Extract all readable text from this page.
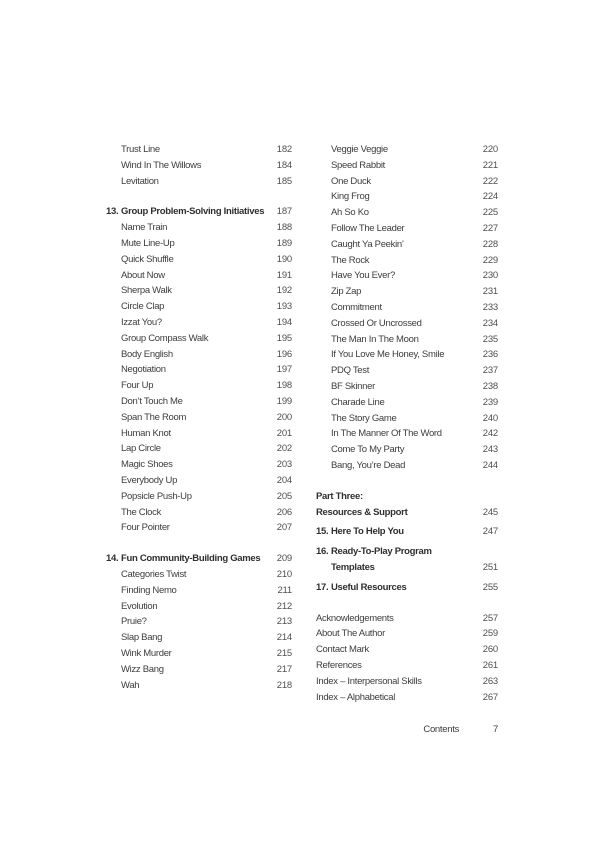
Trust Line	182
Wind In The Willows	184
Levitation	185
13. Group Problem-Solving Initiatives	187
Name Train	188
Mute Line-Up	189
Quick Shuffle	190
About Now	191
Sherpa Walk	192
Circle Clap	193
Izzat You?	194
Group Compass Walk	195
Body English	196
Negotiation	197
Four Up	198
Don’t Touch Me	199
Span The Room	200
Human Knot	201
Lap Circle	202
Magic Shoes	203
Everybody Up	204
Popsicle Push-Up	205
The Clock	206
Four Pointer	207
14. Fun Community-Building Games	209
Categories Twist	210
Finding Nemo	211
Evolution	212
Pruie?	213
Slap Bang	214
Wink Murder	215
Wizz Bang	217
Wah	218
Veggie Veggie	220
Speed Rabbit	221
One Duck	222
King Frog	224
Ah So Ko	225
Follow The Leader	227
Caught Ya Peekin’	228
The Rock	229
Have You Ever?	230
Zip Zap	231
Commitment	233
Crossed Or Uncrossed	234
The Man In The Moon	235
If You Love Me Honey, Smile	236
PDQ Test	237
BF Skinner	238
Charade Line	239
The Story Game	240
In The Manner Of The Word	242
Come To My Party	243
Bang, You’re Dead	244
Part Three:
Resources & Support	245
15. Here To Help You	247
16. Ready-To-Play Program
Templates	251
17. Useful Resources	255
Acknowledgements	257
About The Author	259
Contact Mark	260
References	261
Index – Interpersonal Skills	263
Index – Alphabetical	267
Contents	7
